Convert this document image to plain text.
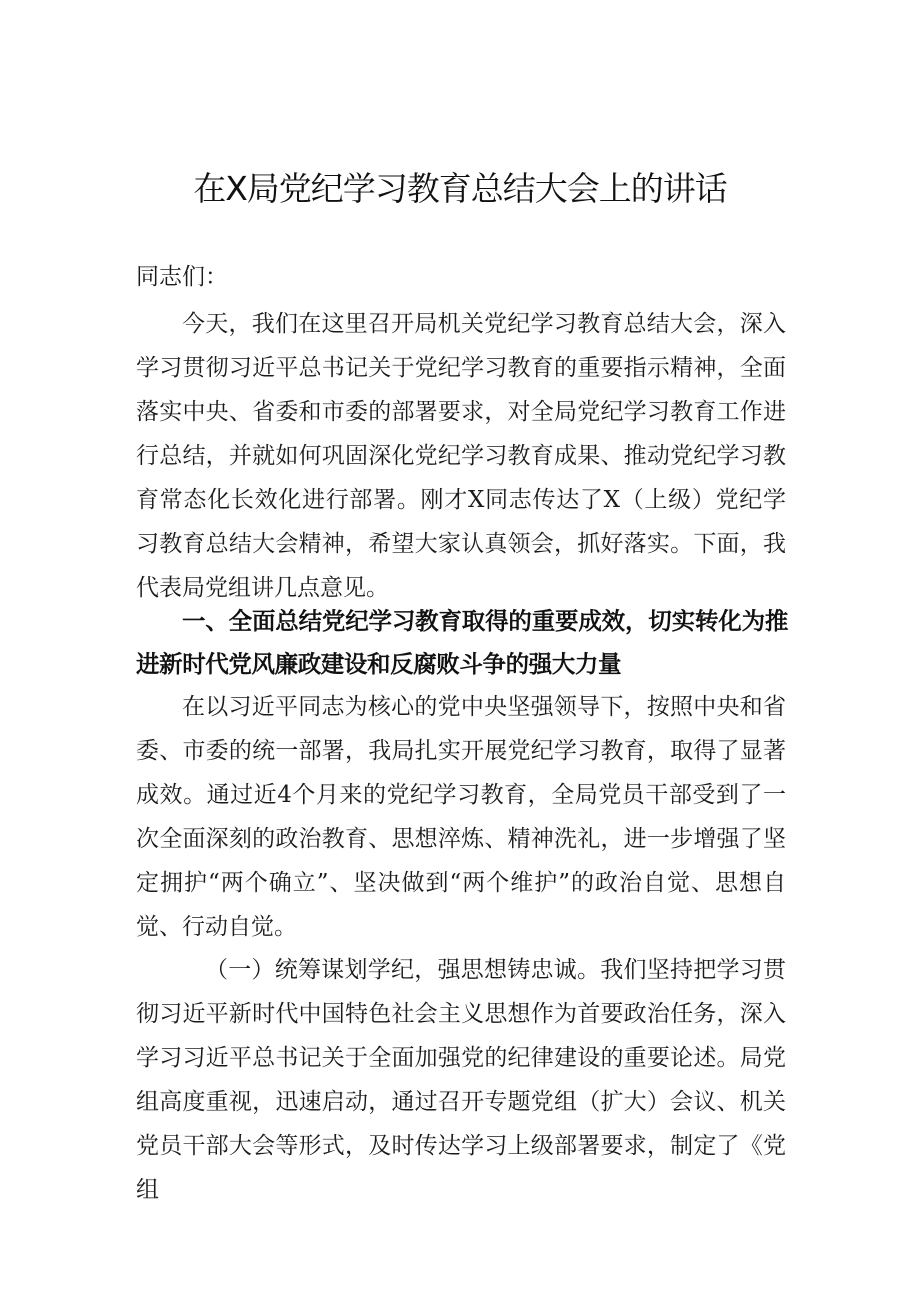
在X局党纪学习教育总结大会上的讲话

同志们：

今天，我们在这里召开局机关党纪学习教育总结大会，深入学习贯彻习近平总书记关于党纪学习教育的重要指示精神，全面落实中央、省委和市委的部署要求，对全局党纪学习教育工作进行总结，并就如何巩固深化党纪学习教育成果、推动党纪学习教育常态化长效化进行部署。刚才X同志传达了X（上级）党纪学习教育总结大会精神，希望大家认真领会，抓好落实。下面，我代表局党组讲几点意见。

一、全面总结党纪学习教育取得的重要成效，切实转化为推进新时代党风廉政建设和反腐败斗争的强大力量

在以习近平同志为核心的党中央坚强领导下，按照中央和省委、市委的统一部署，我局扎实开展党纪学习教育，取得了显著成效。通过近4个月来的党纪学习教育，全局党员干部受到了一次全面深刻的政治教育、思想淬炼、精神洗礼，进一步增强了坚定拥护“两个确立”、坚决做到“两个维护”的政治自觉、思想自觉、行动自觉。

（一）统筹谋划学纪，强思想铸忠诚。我们坚持把学习贯彻习近平新时代中国特色社会主义思想作为首要政治任务，深入学习习近平总书记关于全面加强党的纪律建设的重要论述。局党组高度重视，迅速启动，通过召开专题党组（扩大）会议、机关党员干部大会等形式，及时传达学习上级部署要求，制定了《党组
